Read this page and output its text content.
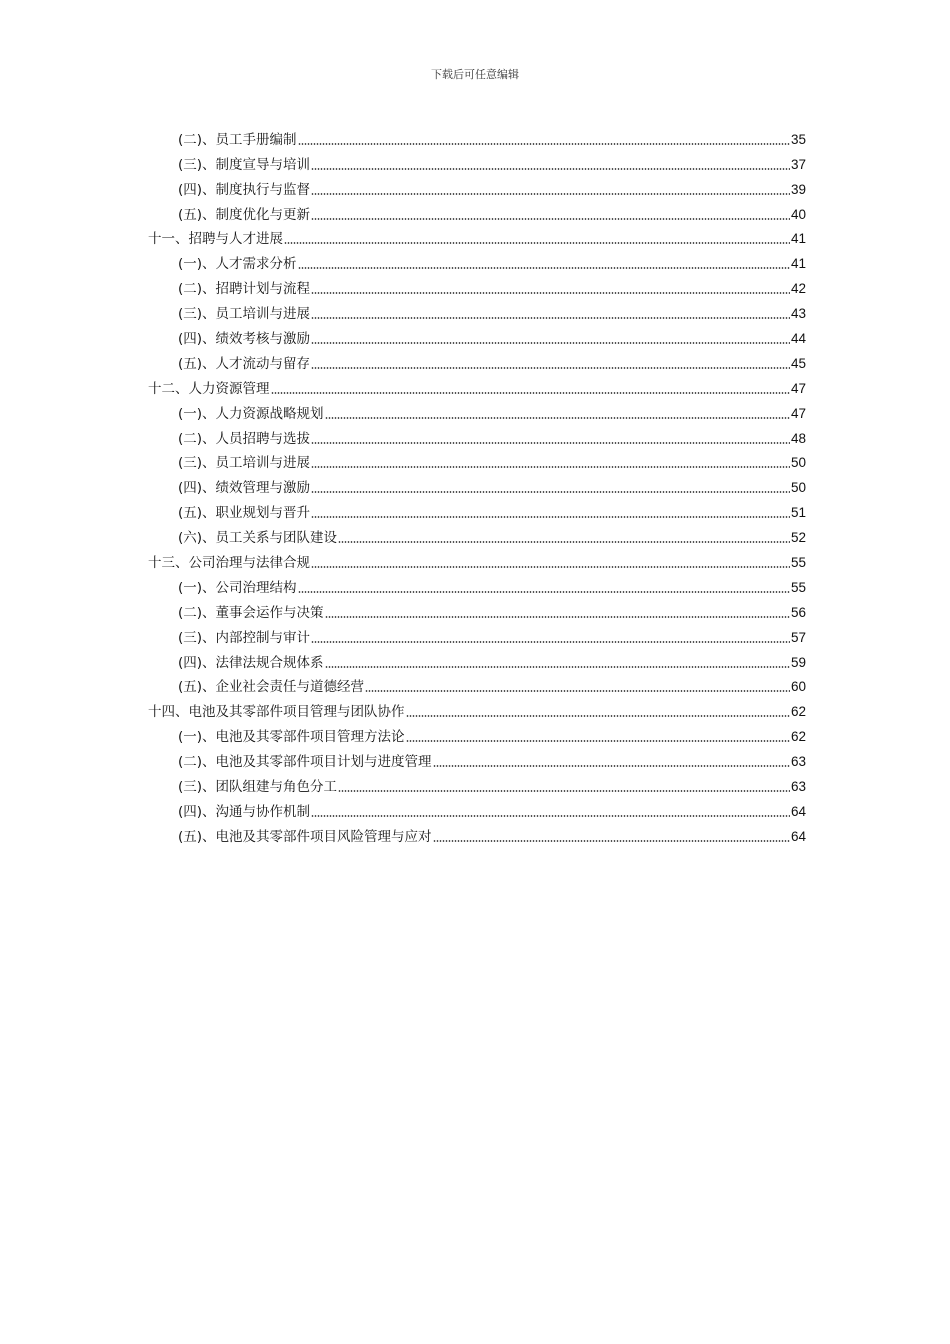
下载后可任意编辑
(二)、员工手册编制	35
(三)、制度宣导与培训	37
(四)、制度执行与监督	39
(五)、制度优化与更新	40
十一、招聘与人才进展	41
(一)、人才需求分析	41
(二)、招聘计划与流程	42
(三)、员工培训与进展	43
(四)、绩效考核与激励	44
(五)、人才流动与留存	45
十二、人力资源管理	47
(一)、人力资源战略规划	47
(二)、人员招聘与选拔	48
(三)、员工培训与进展	50
(四)、绩效管理与激励	50
(五)、职业规划与晋升	51
(六)、员工关系与团队建设	52
十三、公司治理与法律合规	55
(一)、公司治理结构	55
(二)、董事会运作与决策	56
(三)、内部控制与审计	57
(四)、法律法规合规体系	59
(五)、企业社会责任与道德经营	60
十四、电池及其零部件项目管理与团队协作	62
(一)、电池及其零部件项目管理方法论	62
(二)、电池及其零部件项目计划与进度管理	63
(三)、团队组建与角色分工	63
(四)、沟通与协作机制	64
(五)、电池及其零部件项目风险管理与应对	64
